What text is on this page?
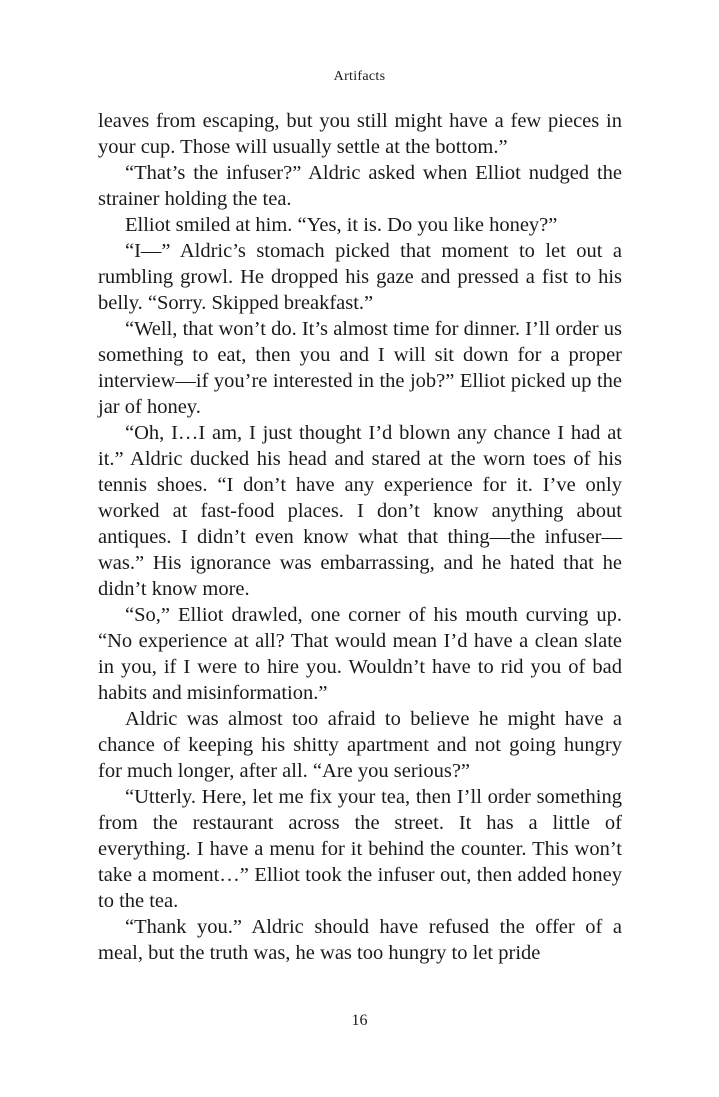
Artifacts

leaves from escaping, but you still might have a few pieces in your cup. Those will usually settle at the bottom.”

“That’s the infuser?” Aldric asked when Elliot nudged the strainer holding the tea.

Elliot smiled at him. “Yes, it is. Do you like honey?”

“I—” Aldric’s stomach picked that moment to let out a rumbling growl. He dropped his gaze and pressed a fist to his belly. “Sorry. Skipped breakfast.”

“Well, that won’t do. It’s almost time for dinner. I’ll order us something to eat, then you and I will sit down for a proper interview—if you’re interested in the job?” Elliot picked up the jar of honey.

“Oh, I…I am, I just thought I’d blown any chance I had at it.” Aldric ducked his head and stared at the worn toes of his tennis shoes. “I don’t have any experience for it. I’ve only worked at fast-food places. I don’t know anything about antiques. I didn’t even know what that thing—the infuser—was.” His ignorance was embarrassing, and he hated that he didn’t know more.

“So,” Elliot drawled, one corner of his mouth curving up. “No experience at all? That would mean I’d have a clean slate in you, if I were to hire you. Wouldn’t have to rid you of bad habits and misinformation.”

Aldric was almost too afraid to believe he might have a chance of keeping his shitty apartment and not going hungry for much longer, after all. “Are you serious?”

“Utterly. Here, let me fix your tea, then I’ll order something from the restaurant across the street. It has a little of everything. I have a menu for it behind the counter. This won’t take a moment…” Elliot took the infuser out, then added honey to the tea.

“Thank you.” Aldric should have refused the offer of a meal, but the truth was, he was too hungry to let pride

16
